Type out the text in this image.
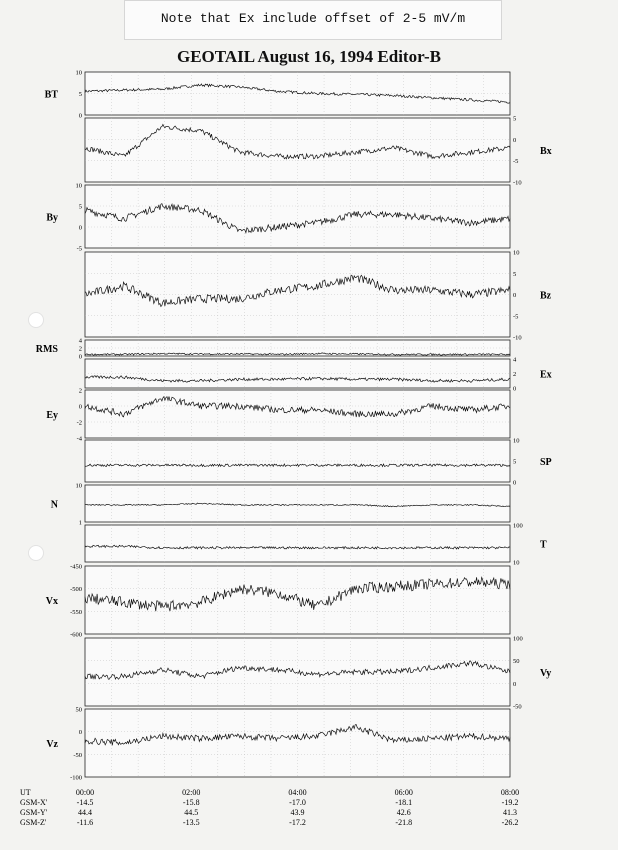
Note that Ex include offset of 2-5 mV/m
GEOTAIL August 16, 1994 Editor-B
10
5
0
BT
5
0
-5
-10
Bx
10
5
0
-5
By
10
5
0
-5
-10
Bz
4
2
0
RMS
4
2
0
Ex
2
0
-2
-4
Ey
10
5
0
SP
10
1
N
100
10
T
-450
-500
-550
-600
Vx
100
50
0
-50
Vy
50
0
-50
-100
Vz
UT	00:00	02:00	04:00	06:00	08:00
GSM-X'	-14.5	-15.8	-17.0	-18.1	-19.2
GSM-Y'	44.4	44.5	43.9	42.6	41.3
GSM-Z'	-11.6	-13.5	-17.2	-21.8	-26.2
